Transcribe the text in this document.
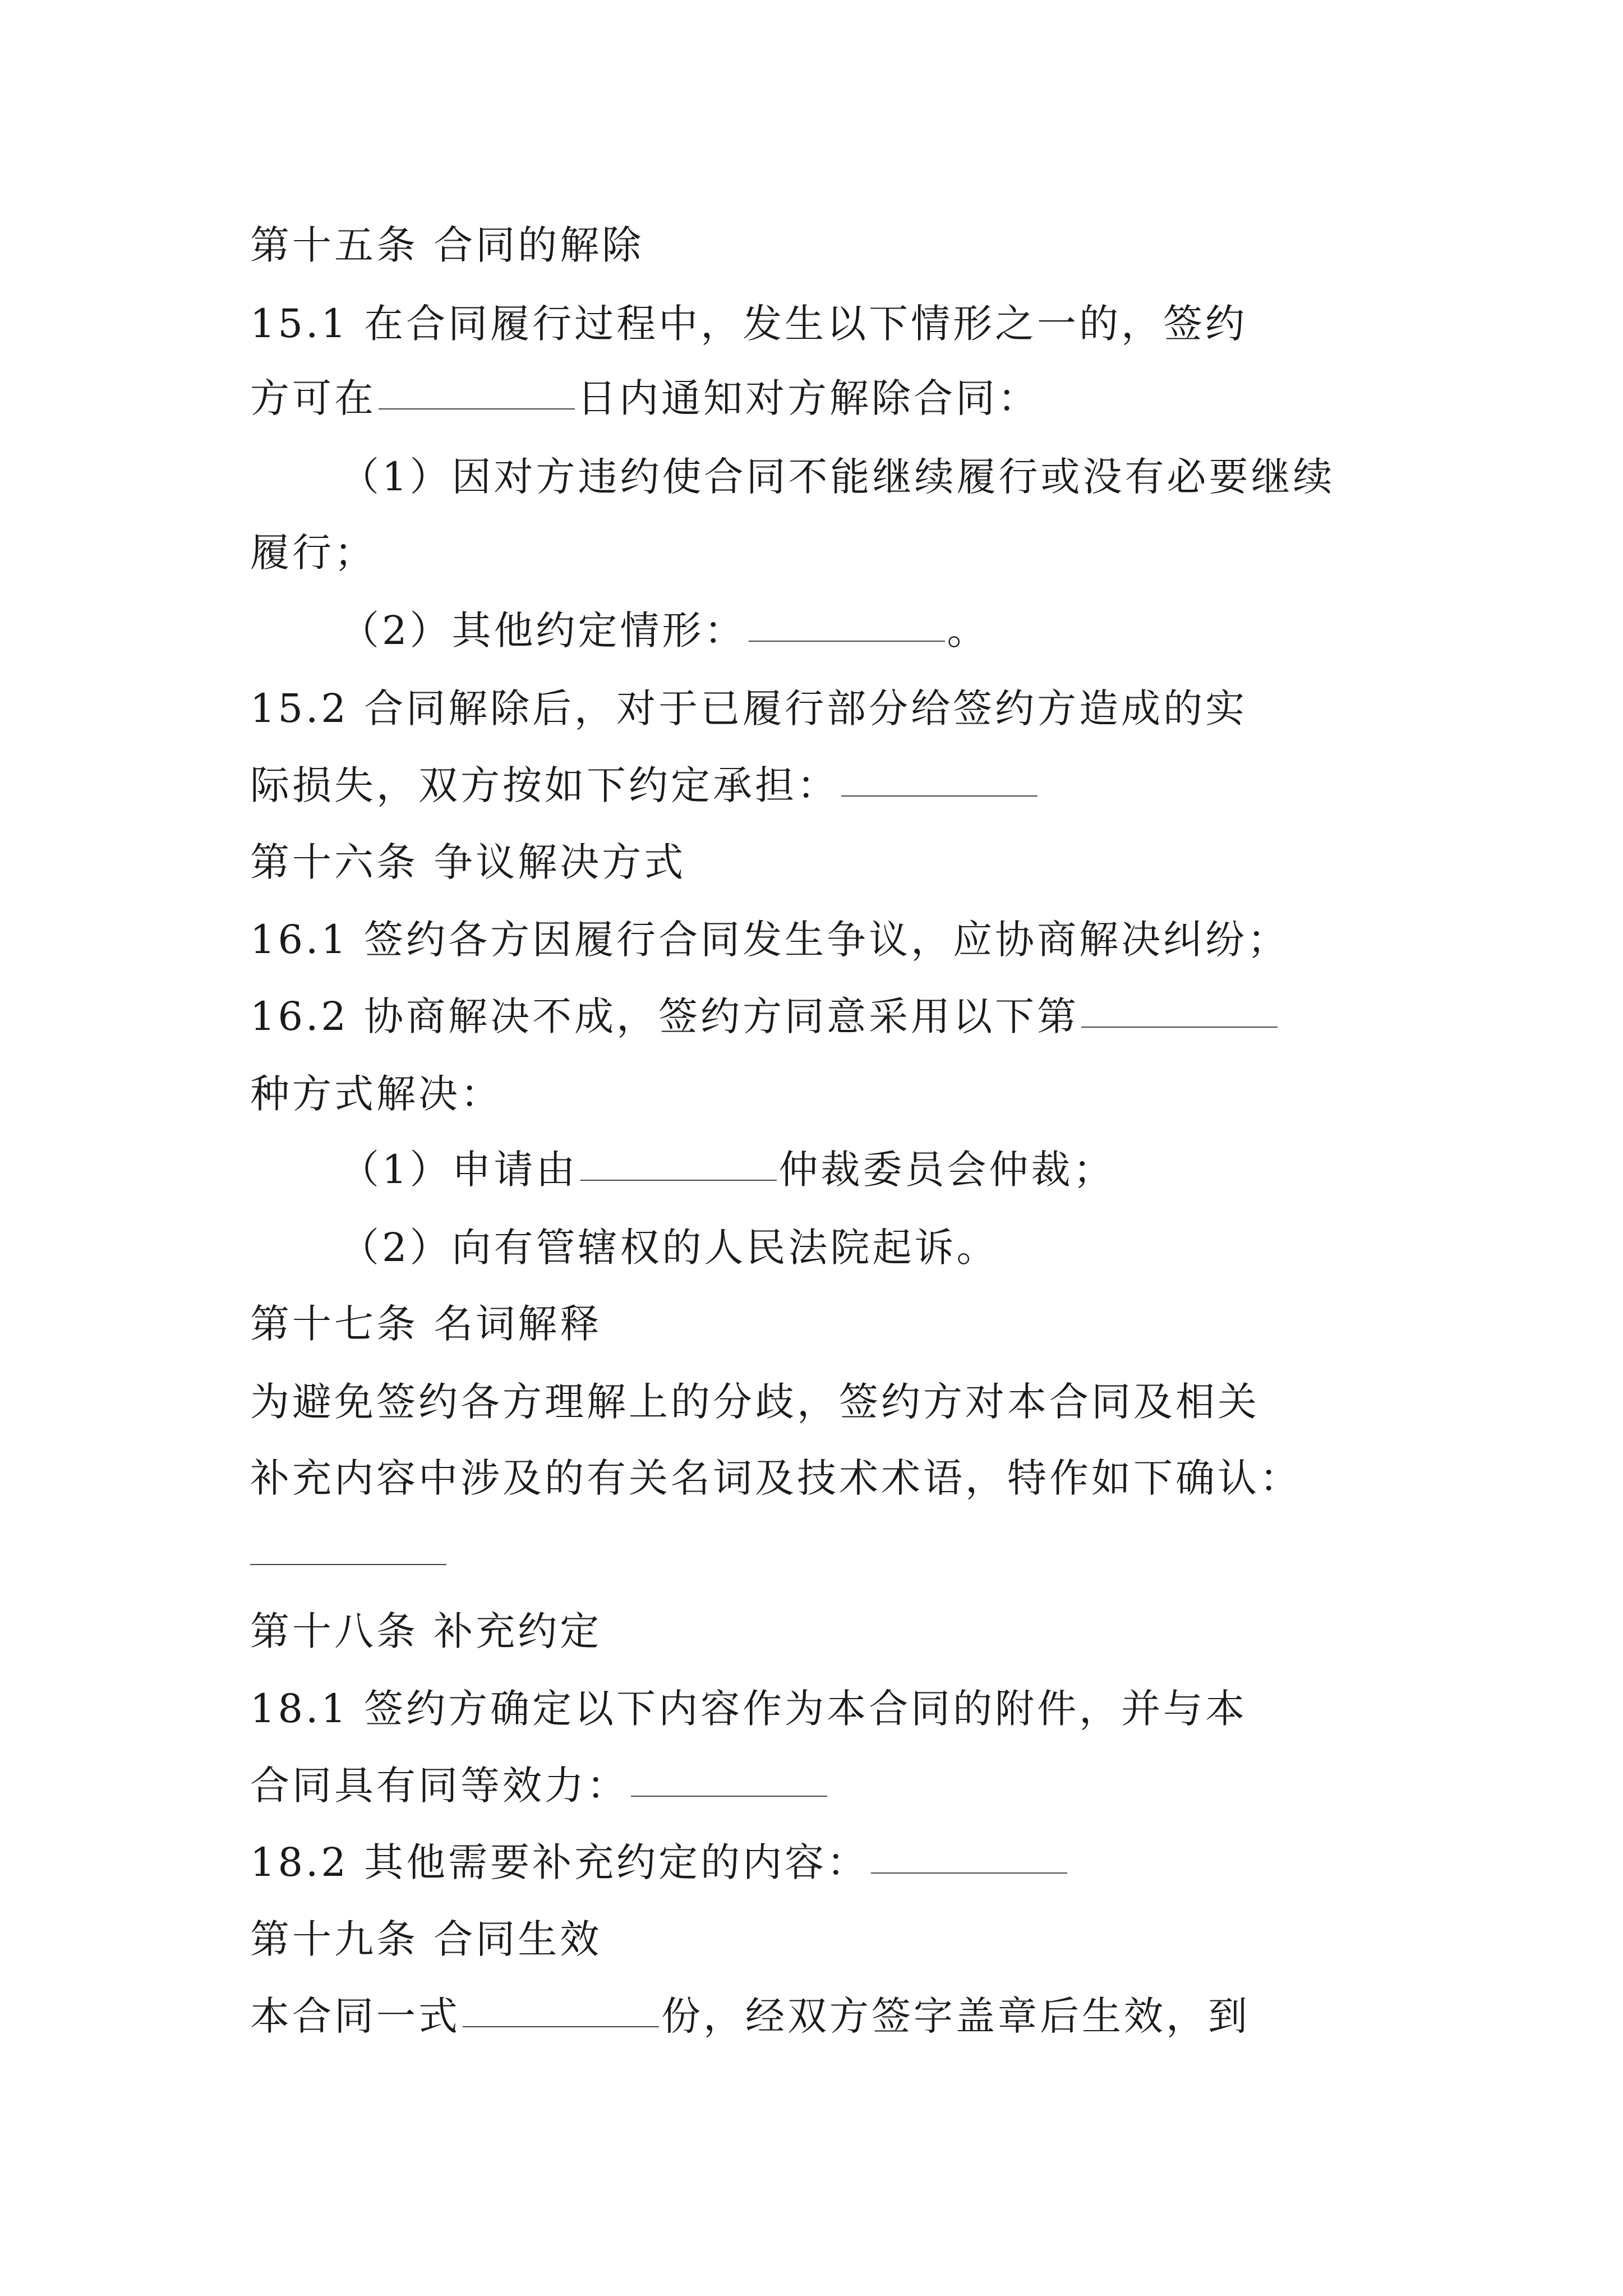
第十五条 合同的解除
15.1 在合同履行过程中，发生以下情形之一的，签约
方可在	日内通知对方解除合同：
（1）因对方违约使合同不能继续履行或没有必要继续
履行；
（2）其他约定情形：	。
15.2 合同解除后，对于已履行部分给签约方造成的实
际损失，双方按如下约定承担：
第十六条 争议解决方式
16.1 签约各方因履行合同发生争议，应协商解决纠纷；
16.2 协商解决不成，签约方同意采用以下第
种方式解决：
（1）申请由	仲裁委员会仲裁；
（2）向有管辖权的人民法院起诉。
第十七条 名词解释
为避免签约各方理解上的分歧，签约方对本合同及相关
补充内容中涉及的有关名词及技术术语，特作如下确认：
第十八条 补充约定
18.1 签约方确定以下内容作为本合同的附件，并与本
合同具有同等效力：
18.2 其他需要补充约定的内容：
第十九条 合同生效
本合同一式	份，经双方签字盖章后生效，到
